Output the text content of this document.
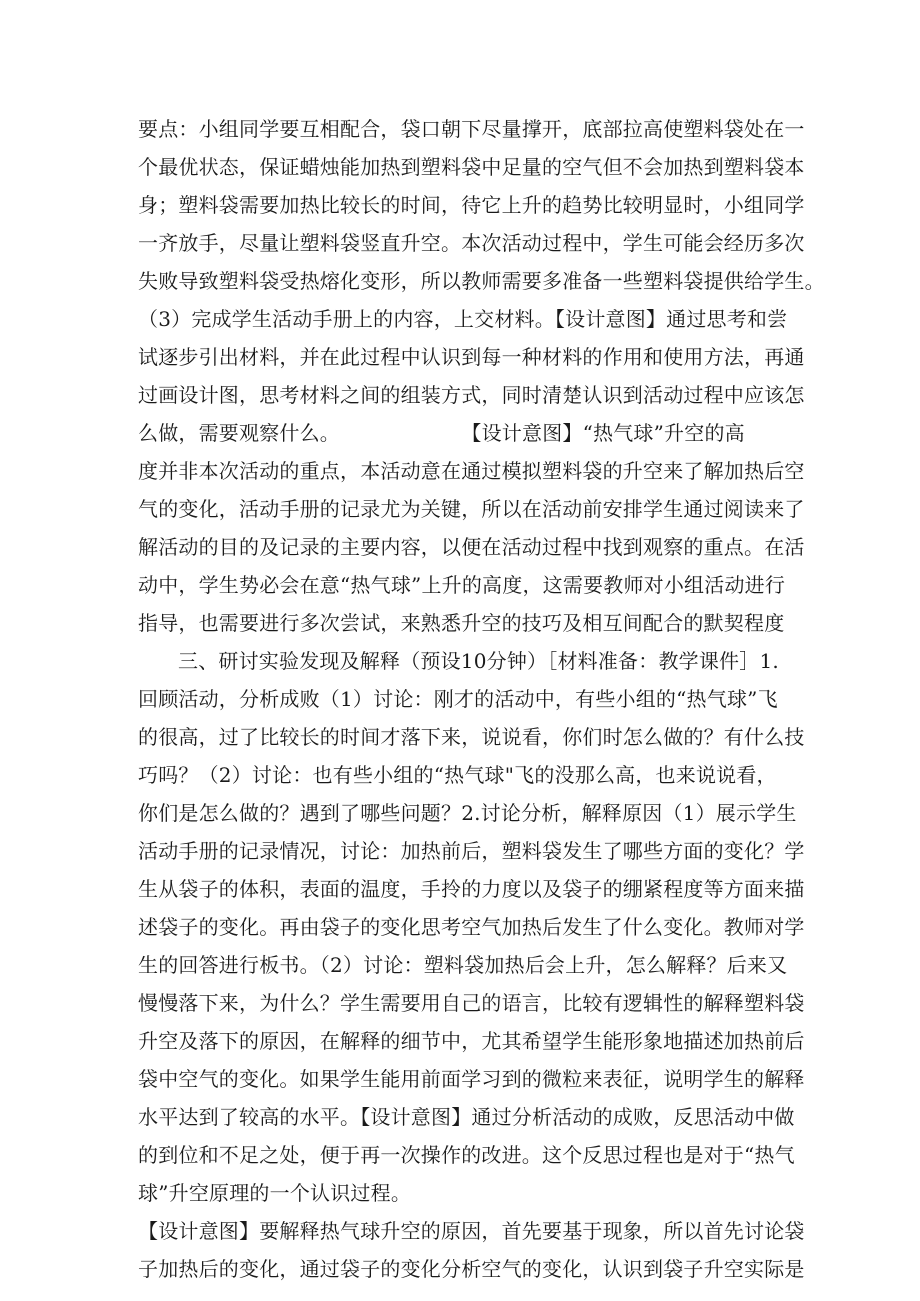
要点：小组同学要互相配合，袋口朝下尽量撑开，底部拉高使塑料袋处在一
个最优状态，保证蜡烛能加热到塑料袋中足量的空气但不会加热到塑料袋本
身；塑料袋需要加热比较长的时间，待它上升的趋势比较明显时，小组同学
一齐放手，尽量让塑料袋竖直升空。本次活动过程中，学生可能会经历多次
失败导致塑料袋受热熔化变形，所以教师需要多准备一些塑料袋提供给学生。
（3）完成学生活动手册上的内容，上交材料。【设计意图】通过思考和尝
试逐步引出材料，并在此过程中认识到每一种材料的作用和使用方法，再通
过画设计图，思考材料之间的组装方式，同时清楚认识到活动过程中应该怎
么做，需要观察什么。　　　　　　　【设计意图】“热气球”升空的高
度并非本次活动的重点，本活动意在通过模拟塑料袋的升空来了解加热后空
气的变化，活动手册的记录尤为关键，所以在活动前安排学生通过阅读来了
解活动的目的及记录的主要内容，以便在活动过程中找到观察的重点。在活
动中，学生势必会在意“热气球”上升的高度，这需要教师对小组活动进行
指导，也需要进行多次尝试，来熟悉升空的技巧及相互间配合的默契程度
三、研讨实验发现及解释（预设10分钟）［材料准备：教学课件］1.
回顾活动，分析成败（1）讨论：刚才的活动中，有些小组的“热气球”飞
的很高，过了比较长的时间才落下来，说说看，你们时怎么做的？有什么技
巧吗？（2）讨论：也有些小组的“热气球"飞的没那么高，也来说说看，
你们是怎么做的？遇到了哪些问题？2.讨论分析，解释原因（1）展示学生
活动手册的记录情况，讨论：加热前后，塑料袋发生了哪些方面的变化？学
生从袋子的体积，表面的温度，手拎的力度以及袋子的绷紧程度等方面来描
述袋子的变化。再由袋子的变化思考空气加热后发生了什么变化。教师对学
生的回答进行板书。（2）讨论：塑料袋加热后会上升，怎么解释？后来又
慢慢落下来，为什么？学生需要用自己的语言，比较有逻辑性的解释塑料袋
升空及落下的原因，在解释的细节中，尤其希望学生能形象地描述加热前后
袋中空气的变化。如果学生能用前面学习到的微粒来表征，说明学生的解释
水平达到了较高的水平。【设计意图】通过分析活动的成败，反思活动中做
的到位和不足之处，便于再一次操作的改进。这个反思过程也是对于“热气
球”升空原理的一个认识过程。
【设计意图】要解释热气球升空的原因，首先要基于现象，所以首先讨论袋
子加热后的变化，通过袋子的变化分析空气的变化，认识到袋子升空实际是
